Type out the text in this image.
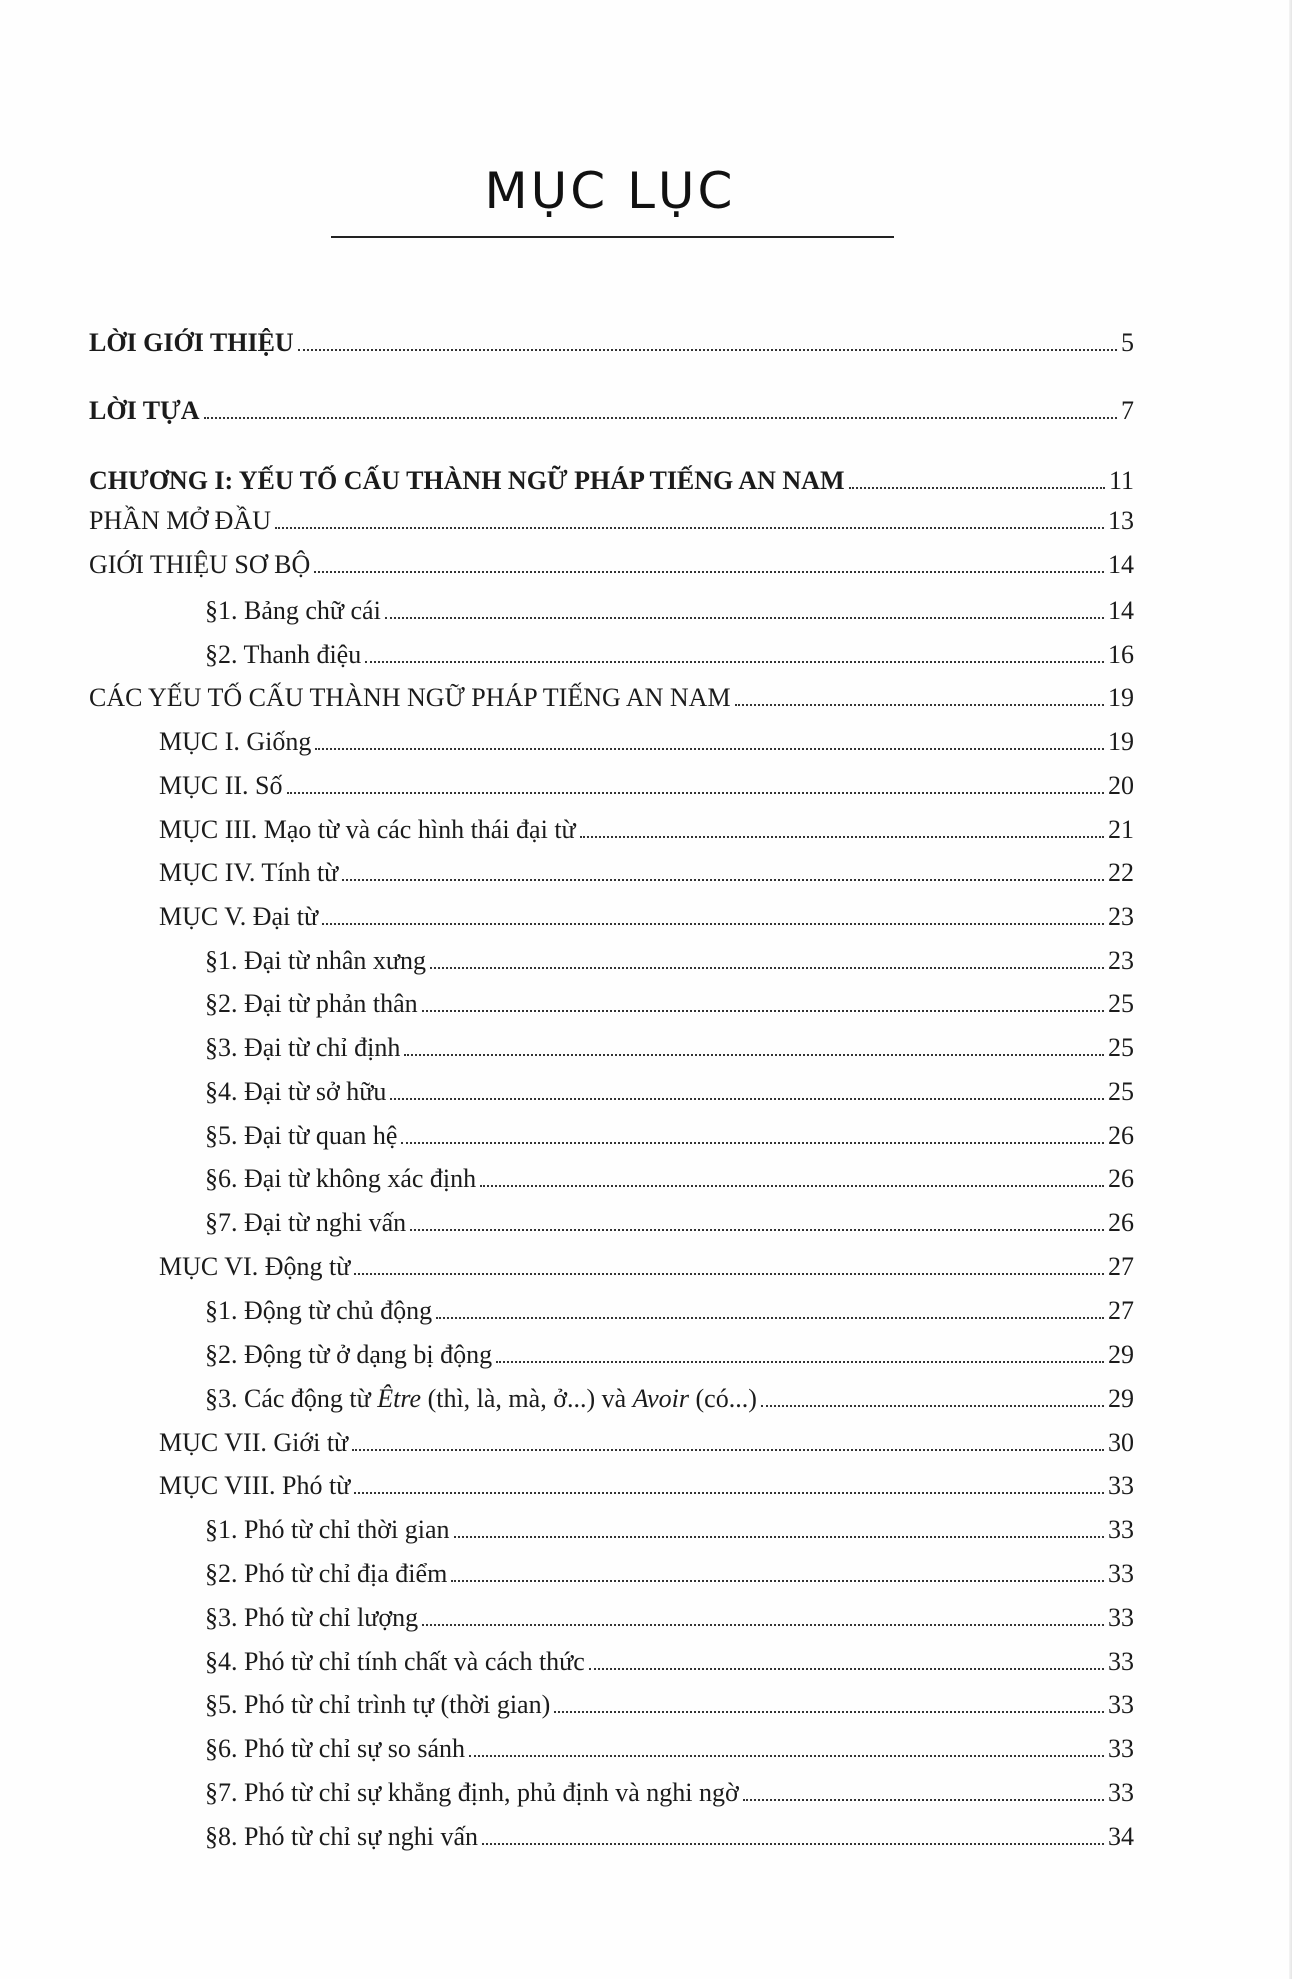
MỤC LỤC
LỜI GIỚI THIỆU	5
LỜI TỰA	7
CHƯƠNG I: YẾU TỐ CẤU THÀNH NGỮ PHÁP TIẾNG AN NAM	11
PHẦN MỞ ĐẦU	13
GIỚI THIỆU SƠ BỘ	14
§1. Bảng chữ cái	14
§2. Thanh điệu	16
CÁC YẾU TỐ CẤU THÀNH NGỮ PHÁP TIẾNG AN NAM	19
MỤC I. Giống	19
MỤC II. Số	20
MỤC III. Mạo từ và các hình thái đại từ	21
MỤC IV. Tính từ	22
MỤC V. Đại từ	23
§1. Đại từ nhân xưng	23
§2. Đại từ phản thân	25
§3. Đại từ chỉ định	25
§4. Đại từ sở hữu	25
§5. Đại từ quan hệ	26
§6. Đại từ không xác định	26
§7. Đại từ nghi vấn	26
MỤC VI. Động từ	27
§1. Động từ chủ động	27
§2. Động từ ở dạng bị động	29
§3. Các động từ Être (thì, là, mà, ở...) và Avoir (có...)	29
MỤC VII. Giới từ	30
MỤC VIII. Phó từ	33
§1. Phó từ chỉ thời gian	33
§2. Phó từ chỉ địa điểm	33
§3. Phó từ chỉ lượng	33
§4. Phó từ chỉ tính chất và cách thức	33
§5. Phó từ chỉ trình tự (thời gian)	33
§6. Phó từ chỉ sự so sánh	33
§7. Phó từ chỉ sự khẳng định, phủ định và nghi ngờ	33
§8. Phó từ chỉ sự nghi vấn	34
